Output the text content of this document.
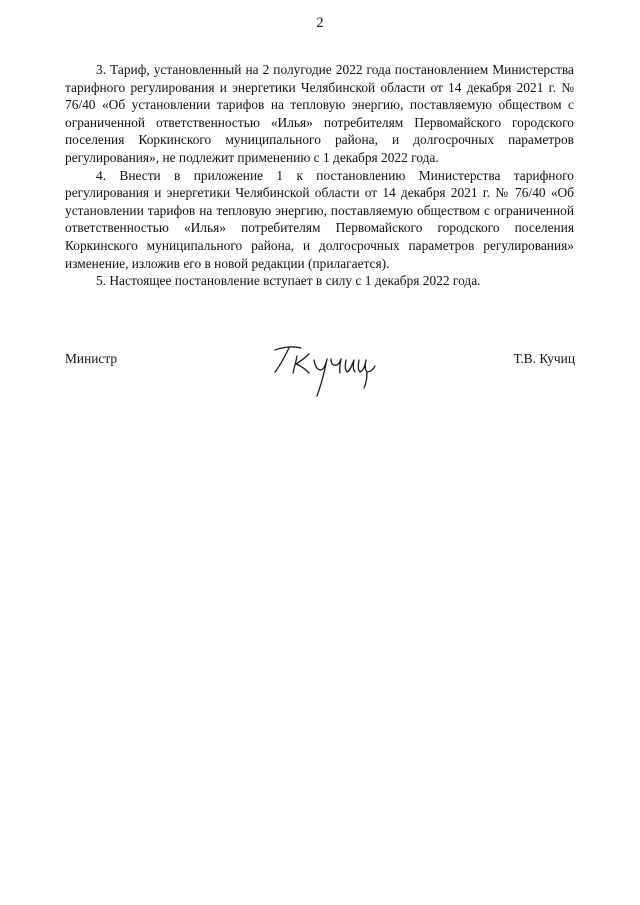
2

3. Тариф, установленный на 2 полугодие 2022 года постановлением Министерства тарифного регулирования и энергетики Челябинской области от 14 декабря 2021 г. № 76/40 «Об установлении тарифов на тепловую энергию, поставляемую обществом с ограниченной ответственностью «Илья» потребителям Первомайского городского поселения Коркинского муниципального района, и долгосрочных параметров регулирования», не подлежит применению с 1 декабря 2022 года.

4. Внести в приложение 1 к постановлению Министерства тарифного регулирования и энергетики Челябинской области от 14 декабря 2021 г. № 76/40 «Об установлении тарифов на тепловую энергию, поставляемую обществом с ограниченной ответственностью «Илья» потребителям Первомайского городского поселения Коркинского муниципального района, и долгосрочных параметров регулирования» изменение, изложив его в новой редакции (прилагается).

5. Настоящее постановление вступает в силу с 1 декабря 2022 года.

Министр	Т.В. Кучиц
